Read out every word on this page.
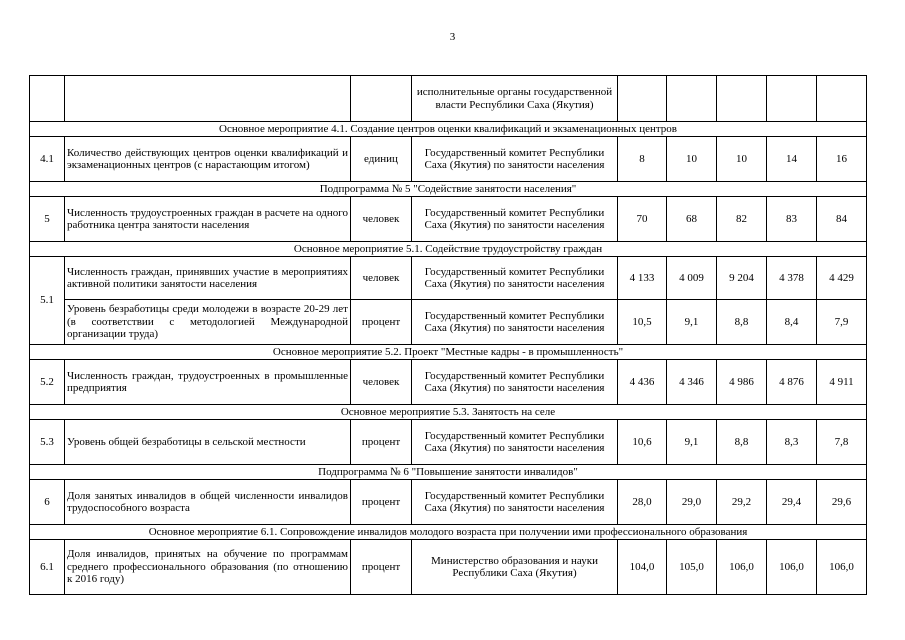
3
			исполнительные органы государственной власти Республики Саха (Якутия)					
Основное мероприятие 4.1. Создание центров оценки квалификаций и экзаменационных центров								
4.1	Количество действующих центров оценки квалификаций и экзаменационных центров (с нарастающим итогом)	единиц	Государственный комитет Республики Саха (Якутия) по занятости населения	8	10	10	14	16
Подпрограмма № 5 "Содействие занятости населения"								
5	Численность трудоустроенных граждан в расчете на одного работника центра занятости населения	человек	Государственный комитет Республики Саха (Якутия) по занятости населения	70	68	82	83	84
Основное мероприятие 5.1. Содействие трудоустройству граждан								
5.1	Численность граждан, принявших участие в мероприятиях активной политики занятости населения	человек	Государственный комитет Республики Саха (Якутия) по занятости населения	4 133	4 009	9 204	4 378	4 429
	Уровень безработицы среди молодежи в возрасте 20-29 лет (в соответствии с методологией Международной организации труда)	процент	Государственный комитет Республики Саха (Якутия) по занятости населения	10,5	9,1	8,8	8,4	7,9
Основное мероприятие 5.2. Проект "Местные кадры - в промышленность"								
5.2	Численность граждан, трудоустроенных в промышленные предприятия	человек	Государственный комитет Республики Саха (Якутия) по занятости населения	4 436	4 346	4 986	4 876	4 911
Основное мероприятие 5.3. Занятость на селе								
5.3	Уровень общей безработицы в сельской местности	процент	Государственный комитет Республики Саха (Якутия) по занятости населения	10,6	9,1	8,8	8,3	7,8
Подпрограмма № 6 "Повышение занятости инвалидов"								
6	Доля занятых инвалидов в общей численности инвалидов трудоспособного возраста	процент	Государственный комитет Республики Саха (Якутия) по занятости населения	28,0	29,0	29,2	29,4	29,6
Основное мероприятие 6.1. Сопровождение инвалидов молодого возраста при получении ими профессионального образования								
6.1	Доля инвалидов, принятых на обучение по программам среднего профессионального образования (по отношению к 2016 году)	процент	Министерство образования и науки Республики Саха (Якутия)	104,0	105,0	106,0	106,0	106,0
